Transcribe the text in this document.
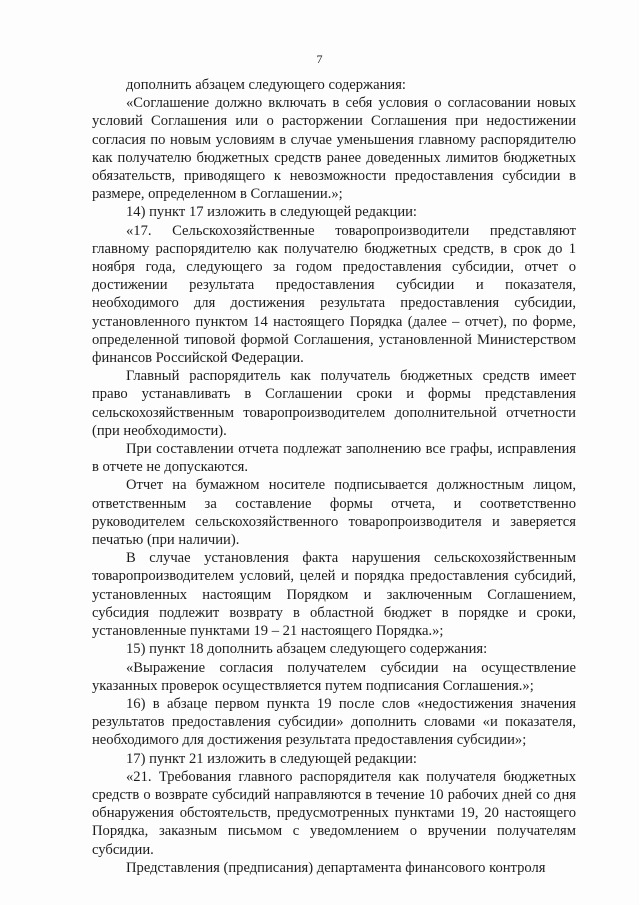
7

дополнить абзацем следующего содержания:

«Соглашение должно включать в себя условия о согласовании новых условий Соглашения или о расторжении Соглашения при недостижении согласия по новым условиям в случае уменьшения главному распорядителю как получателю бюджетных средств ранее доведенных лимитов бюджетных обязательств, приводящего к невозможности предоставления субсидии в размере, определенном в Соглашении.»;

14) пункт 17 изложить в следующей редакции:

«17. Сельскохозяйственные товаропроизводители представляют главному распорядителю как получателю бюджетных средств, в срок до 1 ноября года, следующего за годом предоставления субсидии, отчет о достижении результата предоставления субсидии и показателя, необходимого для достижения результата предоставления субсидии, установленного пунктом 14 настоящего Порядка (далее – отчет), по форме, определенной типовой формой Соглашения, установленной Министерством финансов Российской Федерации.

Главный распорядитель как получатель бюджетных средств имеет право устанавливать в Соглашении сроки и формы представления сельскохозяйственным товаропроизводителем дополнительной отчетности (при необходимости).

При составлении отчета подлежат заполнению все графы, исправления в отчете не допускаются.

Отчет на бумажном носителе подписывается должностным лицом, ответственным за составление формы отчета, и соответственно руководителем сельскохозяйственного товаропроизводителя и заверяется печатью (при наличии).

В случае установления факта нарушения сельскохозяйственным товаропроизводителем условий, целей и порядка предоставления субсидий, установленных настоящим Порядком и заключенным Соглашением, субсидия подлежит возврату в областной бюджет в порядке и сроки, установленные пунктами 19 – 21 настоящего Порядка.»;

15) пункт 18 дополнить абзацем следующего содержания:

«Выражение согласия получателем субсидии на осуществление указанных проверок осуществляется путем подписания Соглашения.»;

16) в абзаце первом пункта 19 после слов «недостижения значения результатов предоставления субсидии» дополнить словами «и показателя, необходимого для достижения результата предоставления субсидии»;

17) пункт 21 изложить в следующей редакции:

«21. Требования главного распорядителя как получателя бюджетных средств о возврате субсидий направляются в течение 10 рабочих дней со дня обнаружения обстоятельств, предусмотренных пунктами 19, 20 настоящего Порядка, заказным письмом с уведомлением о вручении получателям субсидии.

Представления (предписания) департамента финансового контроля
